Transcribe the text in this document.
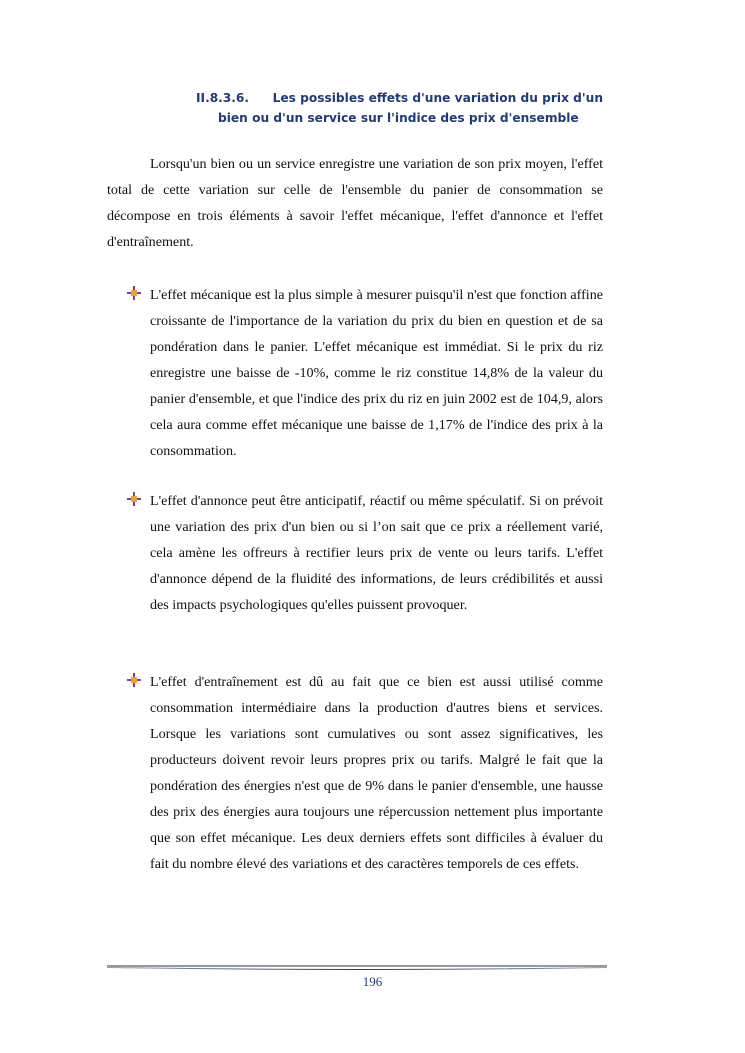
II.8.3.6.	Les possibles effets d'une variation du prix d'un
bien ou d'un service sur l'indice des prix d'ensemble

Lorsqu'un bien ou un service enregistre une variation de son prix moyen, l'effet total de cette variation sur celle de l'ensemble du panier de consommation se décompose en trois éléments à savoir l'effet mécanique, l'effet d'annonce et l'effet d'entraînement.

L'effet mécanique est la plus simple à mesurer puisqu'il n'est que fonction affine croissante de l'importance de la variation du prix du bien en question et de sa pondération dans le panier. L'effet mécanique est immédiat. Si le prix du riz enregistre une baisse de -10%, comme le riz constitue 14,8% de la valeur du panier d'ensemble, et que l'indice des prix du riz en juin 2002 est de 104,9, alors cela aura comme effet mécanique une baisse de 1,17% de l'indice des prix à la consommation.

L'effet d'annonce peut être anticipatif, réactif ou même spéculatif. Si on prévoit une variation des prix d'un bien ou si l’on sait que ce prix a réellement varié, cela amène les offreurs à rectifier leurs prix de vente ou leurs tarifs. L'effet d'annonce dépend de la fluidité des informations, de leurs crédibilités et aussi des impacts psychologiques qu'elles puissent provoquer.

L'effet d'entraînement est dû au fait que ce bien est aussi utilisé comme consommation intermédiaire dans la production d'autres biens et services. Lorsque les variations sont cumulatives ou sont assez significatives, les producteurs doivent revoir leurs propres prix ou tarifs. Malgré le fait que la pondération des énergies n'est que de 9% dans le panier d'ensemble, une hausse des prix des énergies aura toujours une répercussion nettement plus importante que son effet mécanique. Les deux derniers effets sont difficiles à évaluer du fait du nombre élevé des variations et des caractères temporels de ces effets.

196
